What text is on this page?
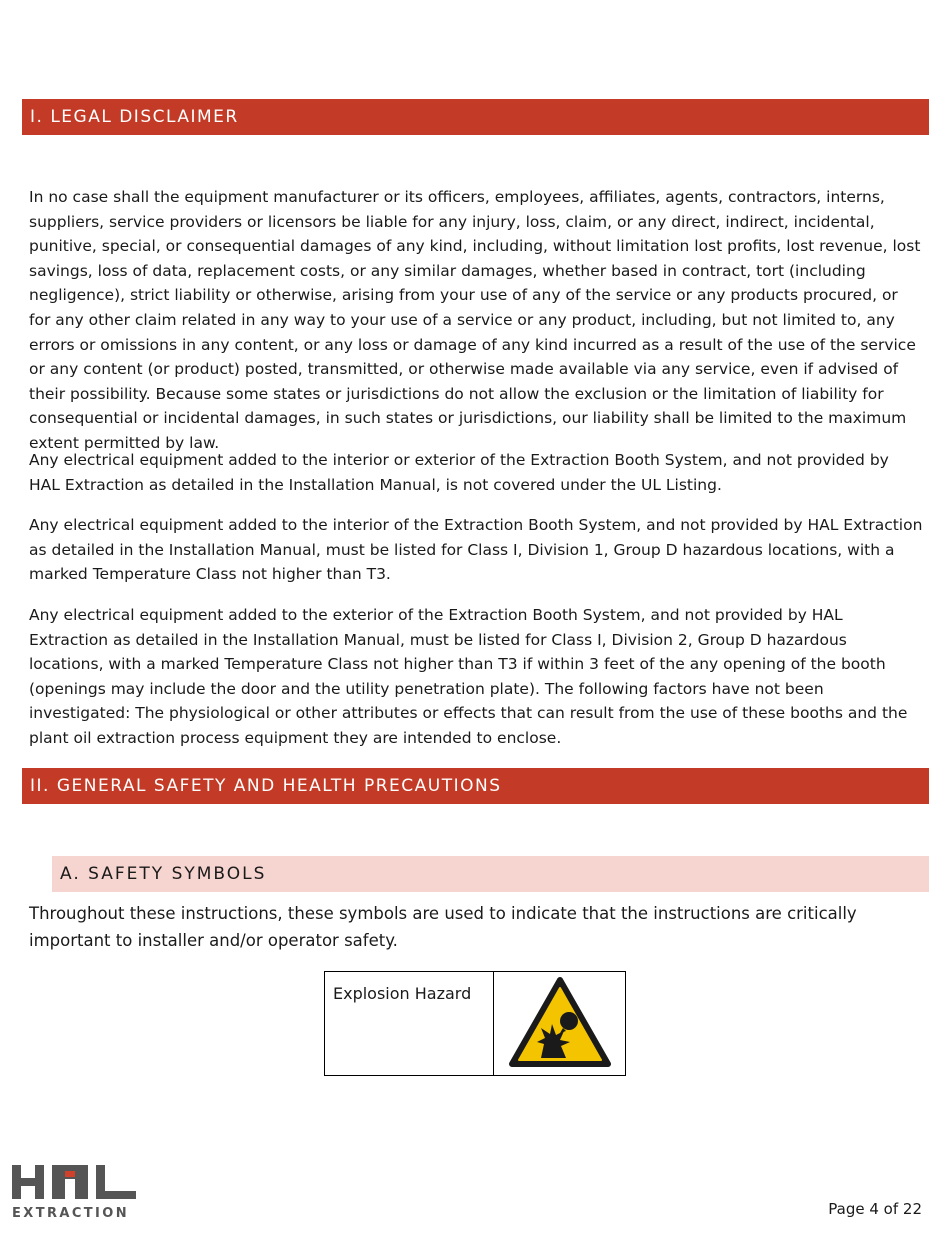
I. LEGAL DISCLAIMER

In no case shall the equipment manufacturer or its officers, employees, affiliates, agents, contractors, interns, suppliers, service providers or licensors be liable for any injury, loss, claim, or any direct, indirect, incidental, punitive, special, or consequential damages of any kind, including, without limitation lost profits, lost revenue, lost savings, loss of data, replacement costs, or any similar damages, whether based in contract, tort (including negligence), strict liability or otherwise, arising from your use of any of the service or any products procured, or for any other claim related in any way to your use of a service or any product, including, but not limited to, any errors or omissions in any content, or any loss or damage of any kind incurred as a result of the use of the service or any content (or product) posted, transmitted, or otherwise made available via any service, even if advised of their possibility. Because some states or jurisdictions do not allow the exclusion or the limitation of liability for consequential or incidental damages, in such states or jurisdictions, our liability shall be limited to the maximum extent permitted by law.

Any electrical equipment added to the interior or exterior of the Extraction Booth System, and not provided by HAL Extraction as detailed in the Installation Manual, is not covered under the UL Listing.

Any electrical equipment added to the interior of the Extraction Booth System, and not provided by HAL Extraction as detailed in the Installation Manual, must be listed for Class I, Division 1, Group D hazardous locations, with a marked Temperature Class not higher than T3.

Any electrical equipment added to the exterior of the Extraction Booth System, and not provided by HAL Extraction as detailed in the Installation Manual, must be listed for Class I, Division 2, Group D hazardous locations, with a marked Temperature Class not higher than T3 if within 3 feet of the any opening of the booth (openings may include the door and the utility penetration plate). The following factors have not been investigated: The physiological or other attributes or effects that can result from the use of these booths and the plant oil extraction process equipment they are intended to enclose.

II. GENERAL SAFETY AND HEALTH PRECAUTIONS
A. SAFETY SYMBOLS

Throughout these instructions, these symbols are used to indicate that the instructions are critically important to installer and/or operator safety.

Explosion Hazard	
EXTRACTION	Page 4 of 22
